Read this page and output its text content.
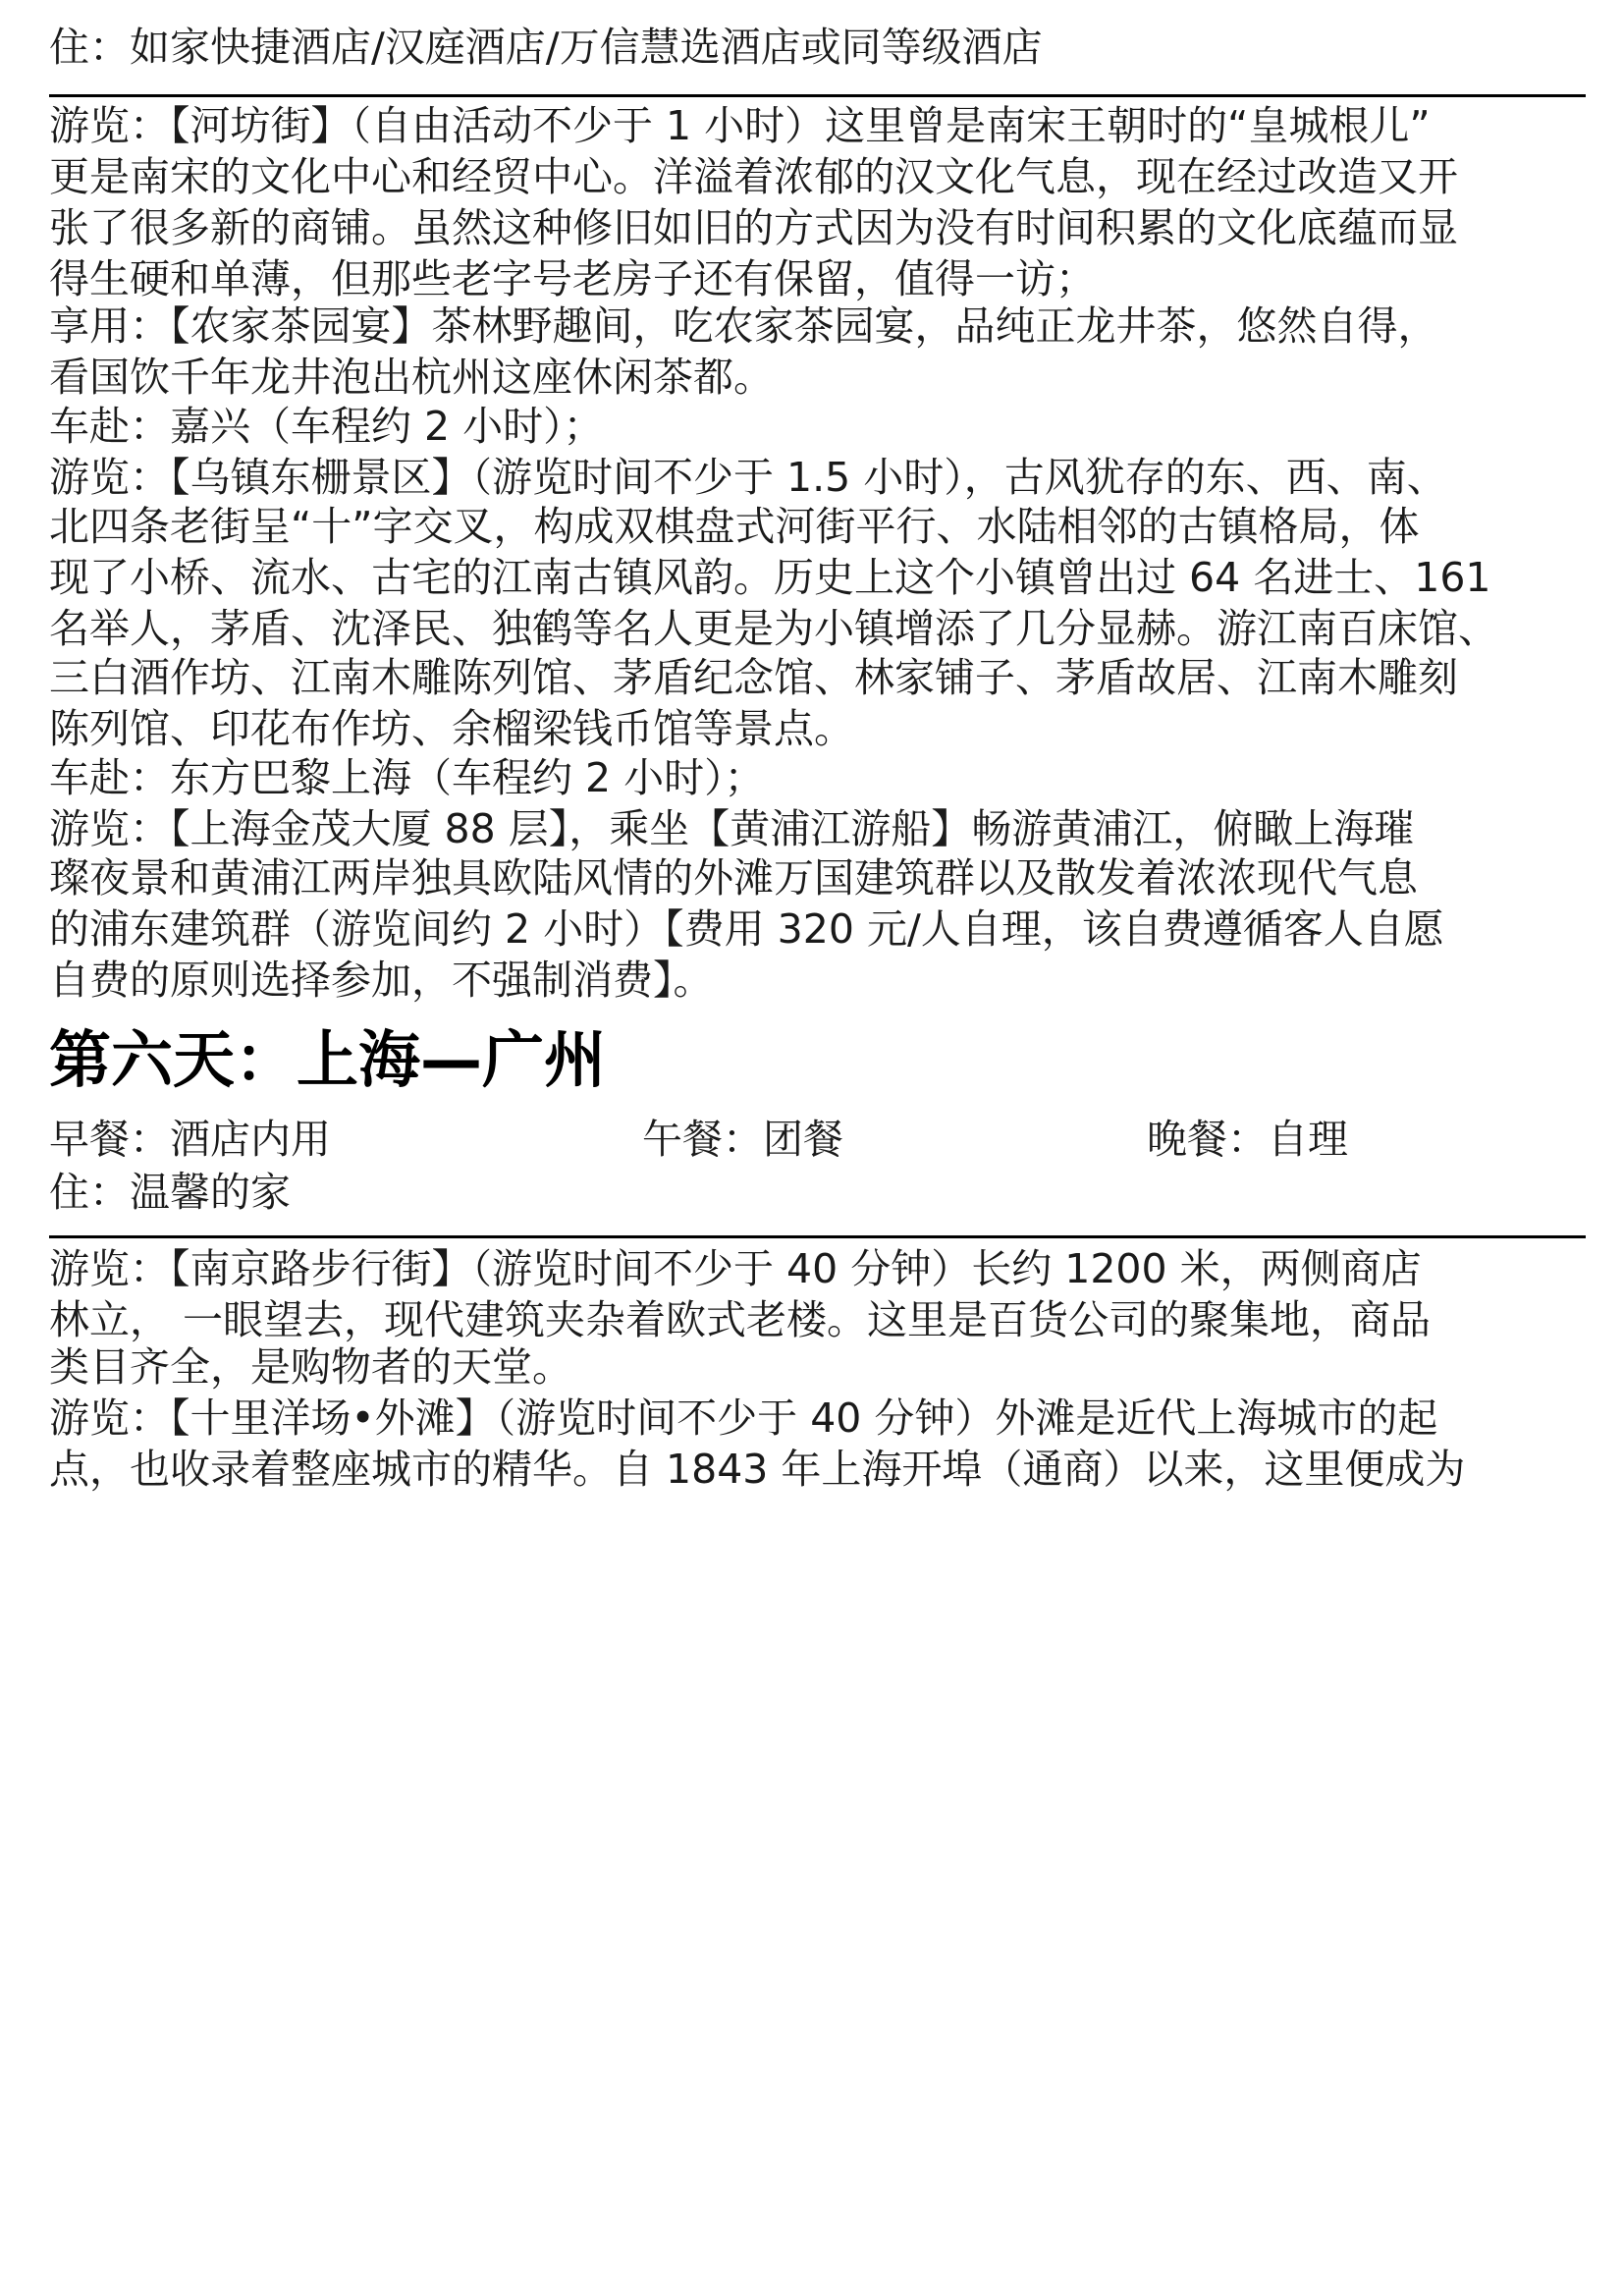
住：如家快捷酒店/汉庭酒店/万信慧选酒店或同等级酒店
游览：【河坊街】（自由活动不少于 1 小时）这里曾是南宋王朝时的“皇城根儿”
更是南宋的文化中心和经贸中心。洋溢着浓郁的汉文化气息，现在经过改造又开
张了很多新的商铺。虽然这种修旧如旧的方式因为没有时间积累的文化底蕴而显
得生硬和单薄，但那些老字号老房子还有保留，值得一访；
享用：【农家茶园宴】茶林野趣间，吃农家茶园宴，品纯正龙井茶，悠然自得，
看国饮千年龙井泡出杭州这座休闲茶都。
车赴：嘉兴（车程约 2 小时）；
游览：【乌镇东栅景区】（游览时间不少于 1.5 小时），古风犹存的东、西、南、
北四条老街呈“十”字交叉，构成双棋盘式河街平行、水陆相邻的古镇格局，体
现了小桥、流水、古宅的江南古镇风韵。历史上这个小镇曾出过 64 名进士、161
名举人，茅盾、沈泽民、独鹤等名人更是为小镇增添了几分显赫。游江南百床馆、
三白酒作坊、江南木雕陈列馆、茅盾纪念馆、林家铺子、茅盾故居、江南木雕刻
陈列馆、印花布作坊、余榴梁钱币馆等景点。
车赴：东方巴黎上海（车程约 2 小时）；
游览：【上海金茂大厦 88 层】，乘坐【黄浦江游船】畅游黄浦江，俯瞰上海璀
璨夜景和黄浦江两岸独具欧陆风情的外滩万国建筑群以及散发着浓浓现代气息
的浦东建筑群（游览间约 2 小时）【费用 320 元/人自理，该自费遵循客人自愿
自费的原则选择参加，不强制消费】。
第六天：上海—广州
早餐：酒店内用	午餐：团餐	晚餐：自理
住：温馨的家
游览：【南京路步行街】（游览时间不少于 40 分钟）长约 1200 米，两侧商店
林立， 一眼望去，现代建筑夹杂着欧式老楼。这里是百货公司的聚集地，商品
类目齐全，是购物者的天堂。
游览：【十里洋场•外滩】（游览时间不少于 40 分钟）外滩是近代上海城市的起
点，也收录着整座城市的精华。自 1843 年上海开埠（通商）以来，这里便成为
